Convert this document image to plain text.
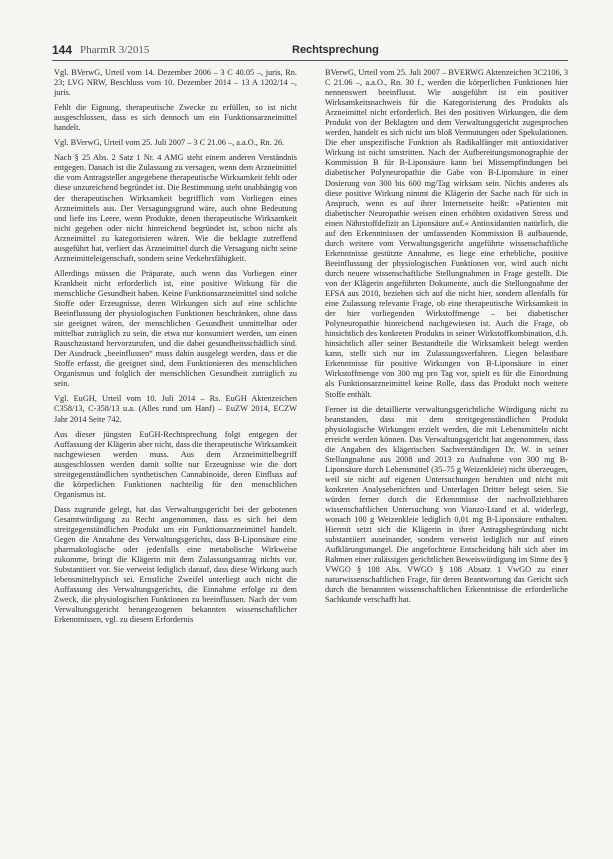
144 PharmR 3/2015	Rechtsprechung

Vgl. BVerwG, Urteil vom 14. Dezember 2006 – 3 C 40.05 –, juris, Rn. 23; LVG NRW, Beschluss vom 10. Dezember 2014 – 13 A 1202/14 –, juris.

Fehlt die Eignung, therapeutische Zwecke zu erfüllen, so ist nicht ausgeschlossen, dass es sich dennoch um ein Funktionsarzneimittel handelt.

Vgl. BVerwG, Urteil vom 25. Juli 2007 – 3 C 21.06 –, a.a.O., Rn. 26.

Nach § 25 Abs. 2 Satz 1 Nr. 4 AMG steht einem anderen Verständnis entgegen. Danach ist die Zulassung zu versagen, wenn dem Arzneimittel die vom Antragsteller angegebene therapeutische Wirksamkeit fehlt oder diese unzureichend begründet ist. Die Bestimmung steht unabhängig von der therapeutischen Wirksamkeit begrifflich vom Vorliegen eines Arzneimittels aus. Der Versagungsgrund wäre, auch ohne Bedeutung und liefe ins Leere, wenn Produkte, denen therapeutische Wirksamkeit nicht gegeben oder nicht hinreichend begründet ist, schon nicht als Arzneimittel zu kategorisieren wären. Wie die beklagte zutreffend ausgeführt hat, verliert das Arzneimittel durch die Versagung nicht seine Arzneimitteleigenschaft, sondern seine Verkehrsfähigkeit.

Allerdings müssen die Präparate, auch wenn das Vorliegen einer Krankheit nicht erforderlich ist, eine positive Wirkung für die menschliche Gesundheit haben. Keine Funktionsarzneimittel sind solche Stoffe oder Erzeugnisse, deren Wirkungen sich auf eine schlichte Beeinflussung der physiologischen Funktionen beschränken, ohne dass sie geeignet wären, der menschlichen Gesundheit unmittelbar oder mittelbar zuträglich zu sein, die etwa nur konsumiert werden, um einen Rauschzustand hervorzurufen, und die dabei gesundheitsschädlich sind. Der Ausdruck „beeinflussen“ muss dahin ausgelegt werden, dass er die Stoffe erfasst, die geeignet sind, dem Funktionieren des menschlichen Organismus und folglich der menschlichen Gesundheit zuträglich zu sein.

Vgl. EuGH, Urteil vom 10. Juli 2014 – Rs. EuGH Aktenzeichen C358/13, C-358/13 u.a. (Alles rund um Hanf) – EuZW 2014, ECZW Jahr 2014 Seite 742.

Aus dieser jüngsten EuGH-Rechtsprechung folgt entgegen der Auffassung der Klägerin aber nicht, dass die therapeutische Wirksamkeit nachgewiesen werden muss. Aus dem Arzneimittelbegriff ausgeschlossen werden damit sollte nur Erzeugnisse wie die dort streitgegenständlichen synthetischen Cannabinoide, deren Einfluss auf die körperlichen Funktionen nachteilig für den menschlichen Organismus ist.

Dass zugrunde gelegt, hat das Verwaltungsgericht bei der gebotenen Gesamtwürdigung zu Recht angenommen, dass es sich bei dem streitgegenständlichen Produkt um ein Funktionsarzneimittel handelt. Gegen die Annahme des Verwaltungsgerichts, dass B-Liponsäure eine pharmakologische oder jedenfalls eine metabolische Wirkweise zukomme, bringt die Klägerin mit dem Zulassungsantrag nichts vor. Substantiiert vor. Sie verweist lediglich darauf, dass diese Wirkung auch lebensmitteltypisch sei. Ernstliche Zweifel unterliegt auch nicht die Auffassung des Verwaltungsgerichts, die Einnahme erfolge zu dem Zweck, die physiologischen Funktionen zu beeinflussen. Nach der vom Verwaltungsgericht herangezogenen bekannten wissenschaftlicher Erkenntnissen, vgl. zu diesem Erfordernis

BVerwG, Urteil vom 25. Juli 2007 – BVERWG Aktenzeichen 3C2106, 3 C 21.06 –, a.a.O., Rn. 30 f., werden die körperlichen Funktionen hier nennenswert beeinflusst. Wie ausgeführt ist ein positiver Wirksamkeitsnachweis für die Kategorisierung des Produkts als Arzneimittel nicht erforderlich. Bei den positiven Wirkungen, die dem Produkt von der Beklagten und dem Verwaltungsgericht zugesprochen werden, handelt es sich nicht um bloß Vermutungen oder Spekulationen. Die eher unspezifische Funktion als Radikalfänger mit antioxidativer Wirkung ist nicht umstritten. Nach der Aufbereitungsmonographie der Kommission B für B-Liponsäure kann bei Missempfindungen bei diabetischer Polyneuropathie die Gabe von B-Liponsäure in einer Dosierung von 300 bis 600 mg/Tag wirksam sein. Nichts anderes als diese positive Wirkung nimmt die Klägerin der Sache nach für sich in Anspruch, wenn es auf ihrer Internetseite heißt: »Patienten mit diabetischer Neuropathie weisen einen erhöhten oxidativen Stress und einen Nährstoffdefizit an Liponsäure auf.« Antioxidantien natürlich, die auf den Erkenntnissen der umfassenden Kommission B aufbauende, durch weitere vom Verwaltungsgericht angeführte wissenschaftliche Erkenntnisse gestützte Annahme, es liege eine erhebliche, positive Beeinflussung der physiologischen Funktionen vor, wird auch nicht durch neuere wissenschaftliche Stellungnahmen in Frage gestellt. Die von der Klägerin angeführten Dokumente, auch die Stellungnahme der EFSA aus 2010, beziehen sich auf die nicht hier, sondern allenfalls für eine Zulassung relevante Frage, ob eine therapeutische Wirksamkeit in der hier vorliegenden Wirkstoffmenge – bei diabetischer Polyneuropathie hinreichend nachgewiesen ist. Auch die Frage, ob hinsichtlich des konkreten Produkts in seiner Wirkstoffkombination, d.h. hinsichtlich aller seiner Bestandteile die Wirksamkeit belegt werden kann, stellt sich nur im Zulassungsverfahren. Liegen belastbare Erkenntnisse für positive Wirkungen von B-Liponsäure in einer Wirkstoffmenge von 300 mg pro Tag vor, spielt es für die Einordnung als Funktionsarzneimittel keine Rolle, dass das Produkt noch weitere Stoffe enthält.

Ferner ist die detaillierte verwaltungsgerichtliche Würdigung nicht zu beanstanden, dass mit dem streitgegenständlichen Produkt physiologische Wirkungen erzielt werden, die mit Lebensmitteln nicht erreicht werden können. Das Verwaltungsgericht hat angenommen, dass die Angaben des klägerischen Sachverständigen Dr. W. in seiner Stellungnahme aus 2008 und 2013 zu Aufnahme von 300 mg B-Liponsäure durch Lebensmittel (35–75 g Weizenkleie) nicht überzeugen, weil sie nicht auf eigenen Untersuchungen beruhten und nicht mit konkreten Analyseberichten und Unterlagen Dritter belegt seien. Sie würden ferner durch die Erkenntnisse der nachvollziehbaren wissenschaftlichen Untersuchung von Vianzo-Ltand et al. widerlegt, wonach 100 g Weizenkleie lediglich 0,01 mg B-Liponsäure enthalten. Hiermit setzt sich die Klägerin in ihrer Antragsbegründung nicht substantiiert auseinander, sondern verweist lediglich nur auf einen Aufklärungsmangel. Die angefochtene Entscheidung hält sich aber im Rahmen einer zulässigen gerichtlichen Beweiswürdigung im Sinne des § VWGO § 108 Abs. VWGO § 108 Absatz 1 VwGO zu einer naturwissenschaftlichen Frage, für deren Beantwortung das Gericht sich durch die benannten wissenschaftlichen Erkenntnisse die erforderliche Sachkunde verschafft hat.
